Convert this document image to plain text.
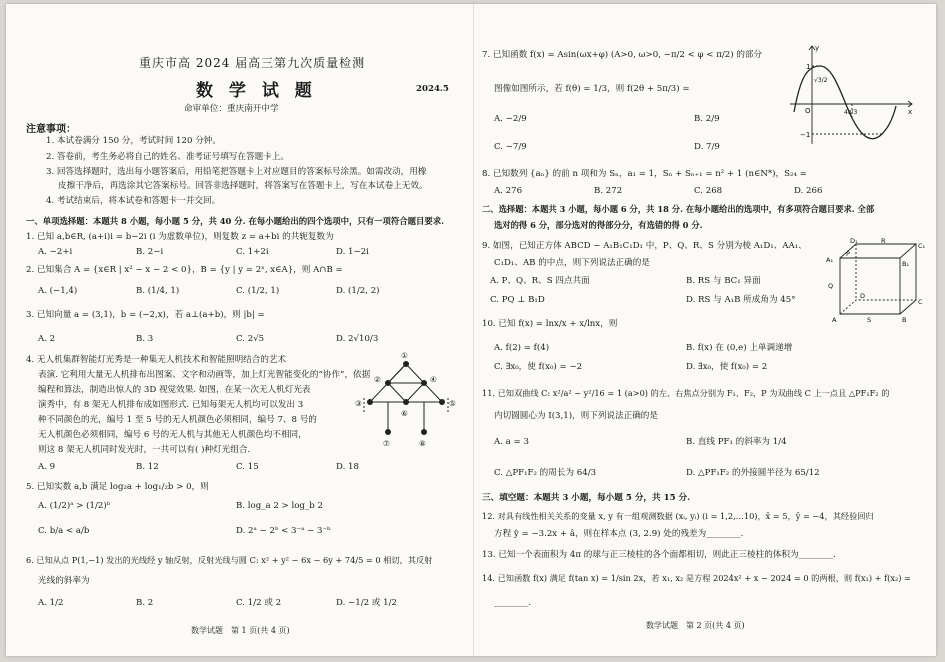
重庆市高 2024 届高三第九次质量检测
数 学 试 题	2024.5
命审单位：重庆南开中学
注意事项：
1. 本试卷满分 150 分，考试时间 120 分钟。
2. 答卷前，考生务必将自己的姓名、准考证号填写在答题卡上。
3. 回答选择题时，选出每小题答案后，用铅笔把答题卡上对应题目的答案标号涂黑。如需改动，用橡
皮擦干净后，再选涂其它答案标号。回答非选择题时，将答案写在答题卡上，写在本试卷上无效。
4. 考试结束后，将本试卷和答题卡一并交回。
一、单项选择题：本题共 8 小题，每小题 5 分，共 40 分. 在每小题给出的四个选项中，只有一项符合题目要求.
1. 已知 a,b∈R, (a+i)i = b−2i (i 为虚数单位)，则复数 z = a+bi 的共轭复数为
A. −2+i	B. 2−i	C. 1+2i	D. 1−2i
2. 已知集合 A = {x∈R | x² − x − 2 < 0}，B = {y | y = 2ˣ, x∈A}，则 A∩B =
A. (−1,4)	B. (1/4, 1)	C. (1/2, 1)	D. (1/2, 2)
3. 已知向量 a = (3,1)，b = (−2,x)，若 a⊥(a+b)，则 |b| =
A. 2	B. 3	C. 2√5	D. 2√10/3
4. 无人机集群智能灯光秀是一种集无人机技术和智能照明结合的艺术
表演. 它利用大量无人机排布出图案、文字和动画等，加上灯光智能变化的“协作”，依据
编程和算法，制造出惊人的 3D 视觉效果. 如图，在某一次无人机灯光表
演秀中，有 8 架无人机排布成如图形式. 已知每架无人机均可以发出 3
种不同颜色的光，编号 1 至 5 号的无人机颜色必须相同，编号 7、8 号的
无人机颜色必须相同，编号 6 号的无人机与其他无人机颜色均不相同，
则这 8 架无人机同时发光时，一共可以有( )种灯光组合.
A. 9	B. 12	C. 15	D. 18
①
②
③
④
⑤
⑥
⑦	⑧
5. 已知实数 a,b 满足 log₂a + log₁/₂b > 0，则
A. (1/2)ᵃ > (1/2)ᵇ	B. log_a 2 > log_b 2
C. b/a < a/b	D. 2ᵃ − 2ᵇ < 3⁻ᵃ − 3⁻ᵇ
6. 已知从点 P(1,−1) 发出的光线经 y 轴反射，反射光线与圆 C: x² + y² − 6x − 6y + 74/5 = 0 相切，其反射
光线的斜率为
A. 1/2	B. 2	C. 1/2 或 2	D. −1/2 或 1/2
数学试题　第 1 页(共 4 页)
7. 已知函数 f(x) = Asin(ωx+φ) (A>0, ω>0, −π/2 < φ < π/2) 的部分
图像如图所示，若 f(θ) = 1/3，则 f(2θ + 5π/3) =
A. −2/9	B. 2/9
C. −7/9	D. 7/9
y
x
O
1
−1
√3/2
4π/3
8. 已知数列 {aₙ} 的前 n 项和为 Sₙ，a₁ = 1，Sₙ + Sₙ₊₁ = n² + 1 (n∈N*)，S₂₄ =
A. 276	B. 272	C. 268	D. 266
二、选择题：本题共 3 小题，每小题 6 分，共 18 分. 在每小题给出的选项中，有多项符合题目要求. 全部
选对的得 6 分，部分选对的得部分分，有选错的得 0 分.
9. 如图，已知正方体 ABCD − A₁B₁C₁D₁ 中，P、Q、R、S 分别为棱 A₁D₁、AA₁、
C₁D₁、AB 的中点，则下列说法正确的是
A. P、Q、R、S 四点共面	B. RS 与 BC₁ 异面
C. PQ ⊥ B₁D	D. RS 与 A₁B 所成角为 45°
D₁	R
C₁
A₁
P
B₁
Q
D
C
A	S	B
10. 已知 f(x) = lnx/x + x/lnx，则
A. f(2) = f(4)	B. f(x) 在 (0,e) 上单调递增
C. ∃x₀，使 f(x₀) = −2	D. ∃x₀，使 f(x₀) = 2
11. 已知双曲线 C: x²/a² − y²/16 = 1 (a>0) 的左、右焦点分别为 F₁、F₂，P 为双曲线 C 上一点且 △PF₁F₂ 的
内切圆圆心为 I(3,1)，则下列说法正确的是
A. a = 3	B. 直线 PF₁ 的斜率为 1/4
C. △PF₁F₂ 的周长为 64/3	D. △PF₁F₂ 的外接圆半径为 65/12
三、填空题：本题共 3 小题，每小题 5 分，共 15 分.
12. 对具有线性相关关系的变量 x, y 有一组观测数据 (xᵢ, yᵢ) (i = 1,2,…10)，x̄ = 5，ȳ = −4，其经验回归
方程 ŷ = −3.2x + â，则在样本点 (3, 2.9) 处的残差为________.
13. 已知一个表面积为 4π 的球与正三棱柱的各个面都相切，则此正三棱柱的体积为________.
14. 已知函数 f(x) 满足 f(tan x) = 1/sin 2x，若 x₁, x₂ 是方程 2024x² + x − 2024 = 0 的两根，则 f(x₁) + f(x₂) =
________.
数学试题　第 2 页(共 4 页)
